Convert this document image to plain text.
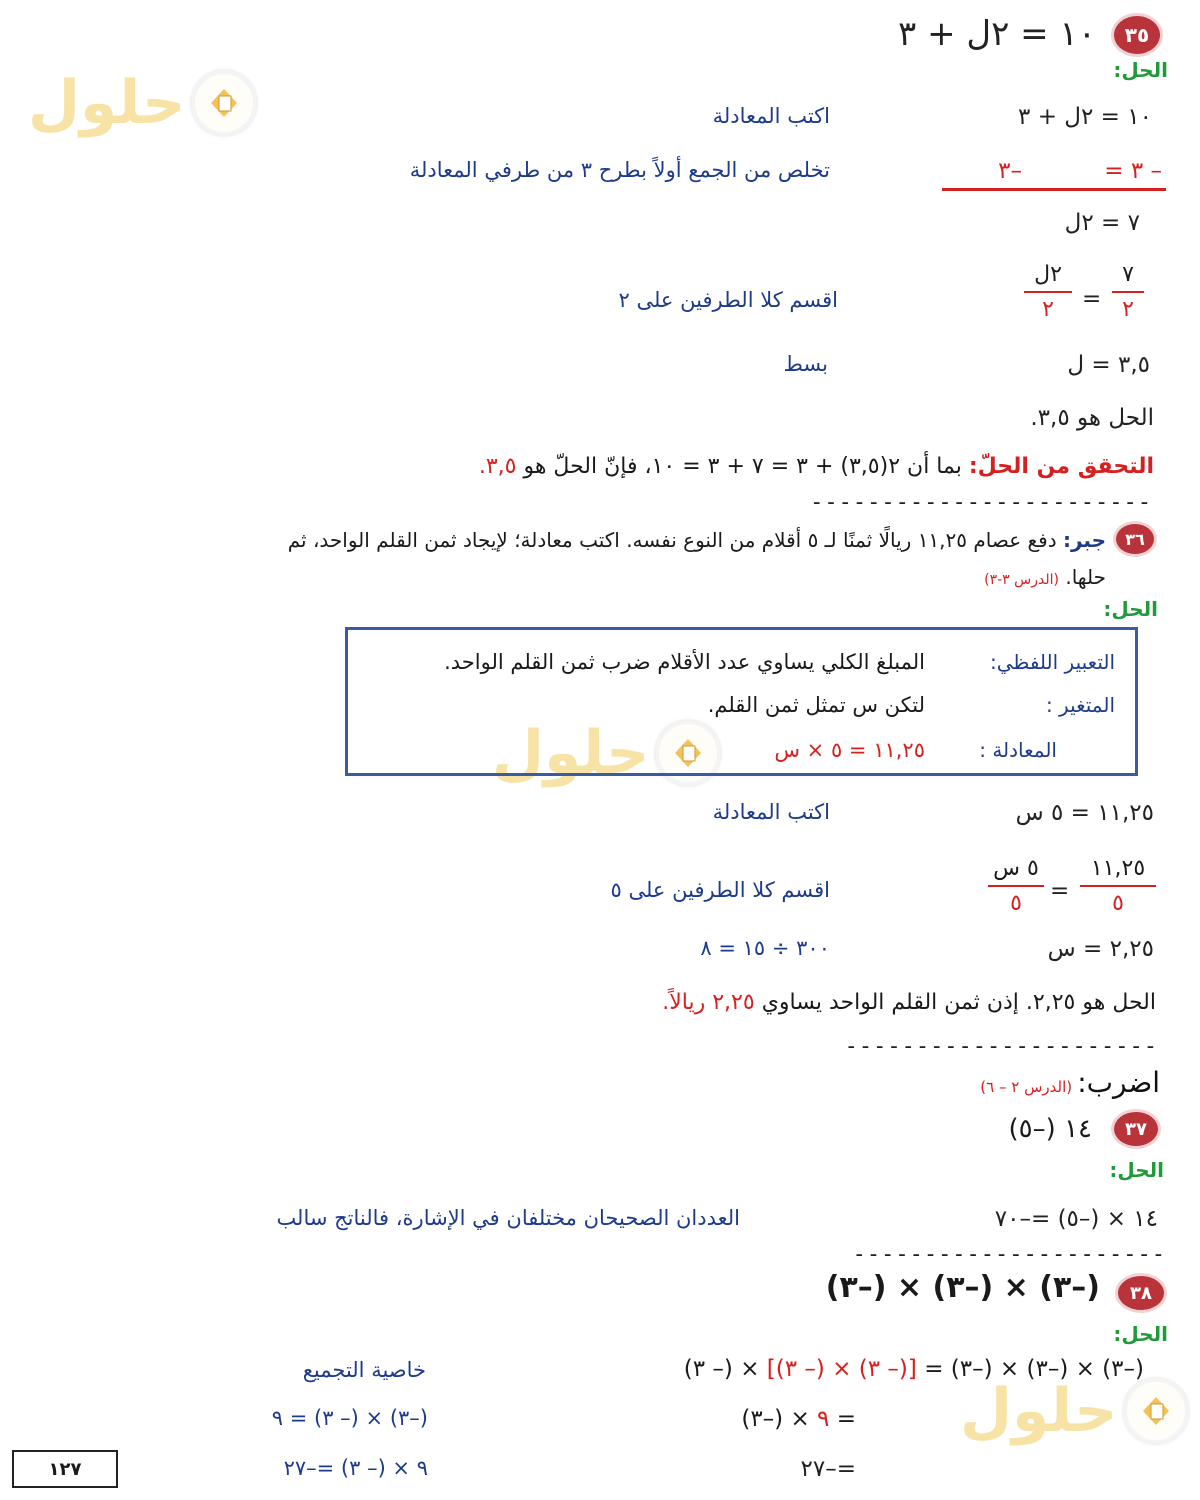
حلول
حلول
حلول
٣٥
١٠ = ٢ل + ٣
الحل:
١٠ = ٢ل + ٣
اكتب المعادلة
– ٣ =
–٣
تخلص من الجمع أولاً بطرح ٣ من طرفي المعادلة
٧ = ٢ل
٧
٢
=
٢ل
٢
اقسم كلا الطرفين على ٢
٣,٥ = ل
بسط
الحل هو ٣,٥.
التحقق من الحلّ: بما أن ٢(٣,٥) + ٣ = ٧ + ٣ = ١٠، فإنّ الحلّ هو ٣,٥.
------------------------
٣٦
جبر: دفع عصام ١١,٢٥ ريالًا ثمنًا لـ ٥ أقلام من النوع نفسه. اكتب معادلة؛ لإيجاد ثمن القلم الواحد، ثم
حلها. (الدرس ٣-٣)
الحل:
التعبير اللفظي:
المبلغ الكلي يساوي عدد الأقلام ضرب ثمن القلم الواحد.
المتغير :
لتكن س تمثل ثمن القلم.
المعادلة :
١١,٢٥ = ٥ × س
١١,٢٥ = ٥ س
اكتب المعادلة
١١,٢٥
٥
=
٥ س
٥
اقسم كلا الطرفين على ٥
٢,٢٥ = س
٣٠٠ ÷ ١٥ = ٨
الحل هو ٢,٢٥. إذن ثمن القلم الواحد يساوي ٢,٢٥ ريالاً.
----------------------
اضرب: (الدرس ٢ – ٦)
٣٧
١٤ (–٥)
الحل:
١٤ × (–٥) =–٧٠
العددان الصحيحان مختلفان في الإشارة، فالناتج سالب
----------------------
٣٨
(–٣) × (–٣) × (–٣)
الحل:
(–٣) × (–٣) × (–٣) = [(– ٣) × (– ٣)] × (– ٣)
خاصية التجميع
= ٩ × (–٣)
(–٣) × (– ٣) = ٩
=–٢٧
٩ × (– ٣) =–٢٧
١٢٧
